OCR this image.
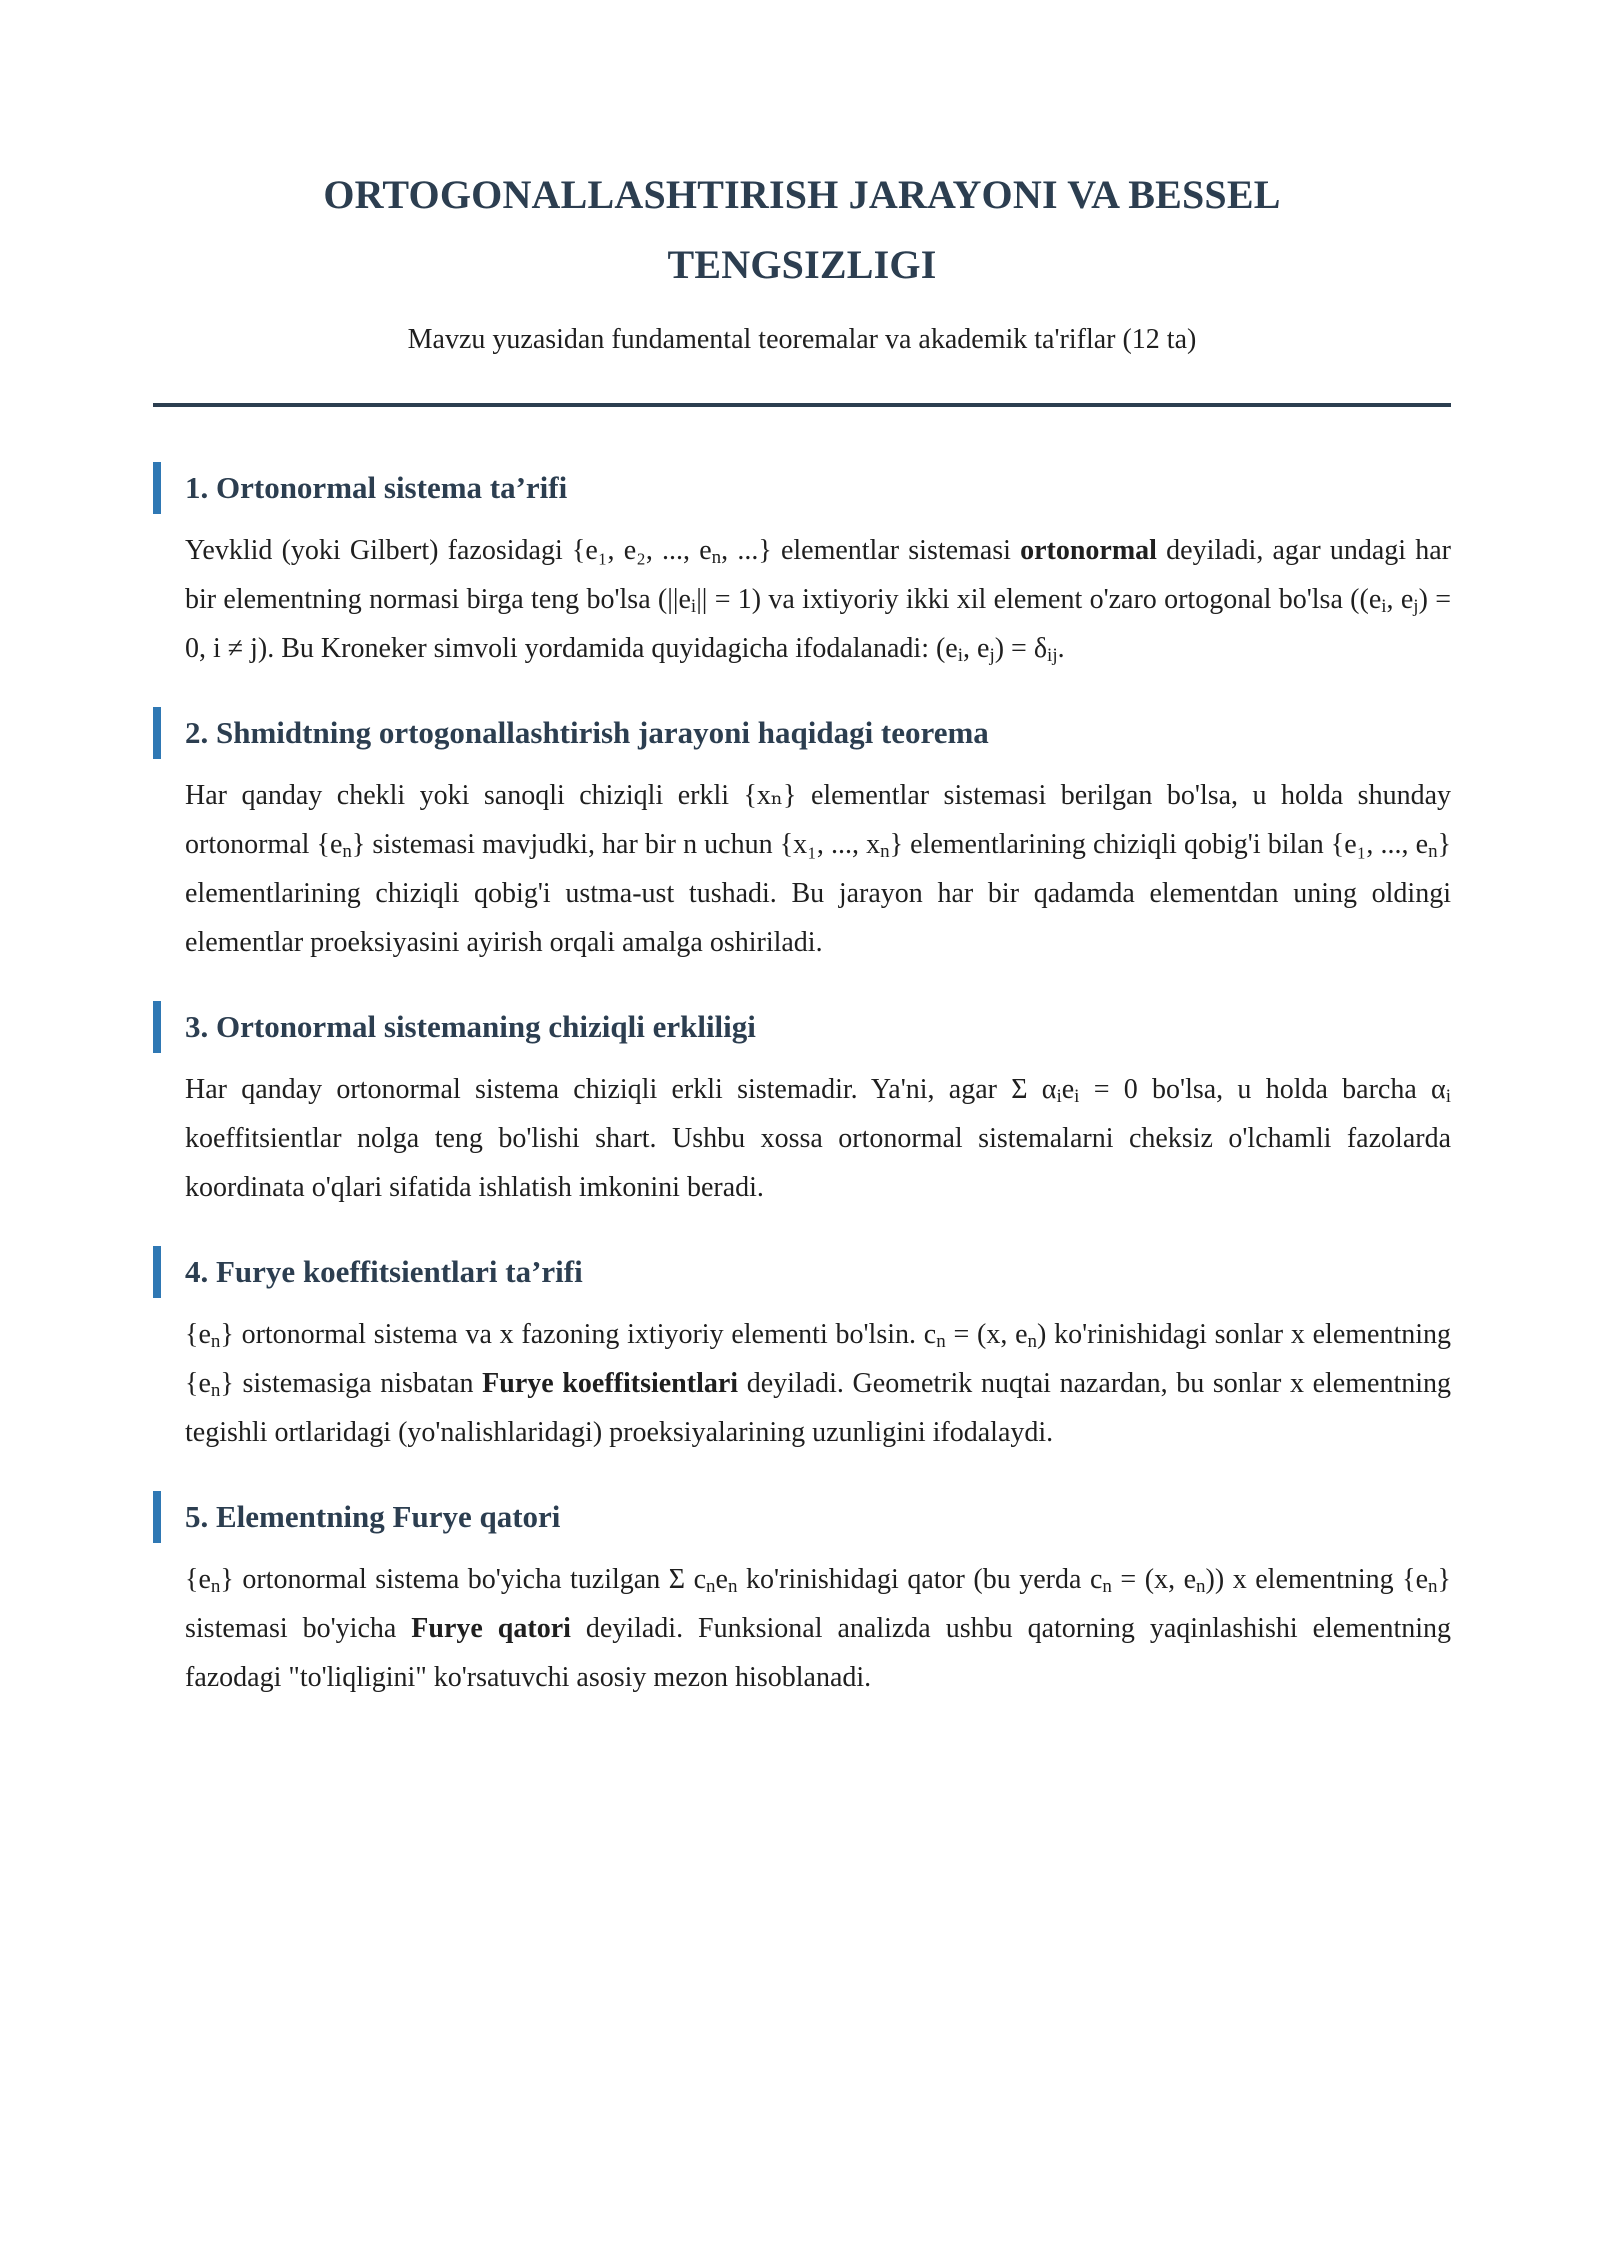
ORTOGONALLASHTIRISH JARAYONI VA BESSEL
TENGSIZLIGI
Mavzu yuzasidan fundamental teoremalar va akademik ta'riflar (12 ta)
1. Ortonormal sistema ta’rifi
Yevklid (yoki Gilbert) fazosidagi {e₁, e₂, ..., $e_n$, ...} elementlar sistemasi ortonormal deyiladi, agar undagi har bir elementning normasi birga teng bo'lsa $(||e_i|| = 1)$ va ixtiyoriy ikki xil element o'zaro ortogonal bo'lsa (($e_i$, $e_j) = 0$, i ≠ j). Bu Kroneker simvoli yordamida quyidagicha ifodalanadi: ($e_i$, $e_j) = \delta_{ij}$.
2. Shmidtning ortogonallashtirish jarayoni haqidagi teorema
Har qanday chekli yoki sanoqli chiziqli erkli {xₙ} elementlar sistemasi berilgan bo'lsa, u holda shunday ortonormal $\{e_n\}$ sistemasi mavjudki, har bir n uchun {x₁, ..., $x_n$} elementlarining chiziqli qobig'i bilan {e₁, ..., $e_n$} elementlarining chiziqli qobig'i ustma-ust tushadi. Bu jarayon har bir qadamda elementdan uning oldingi elementlar proeksiyasini ayirish orqali amalga oshiriladi.
3. Ortonormal sistemaning chiziqli erkliligi
Har qanday ortonormal sistema chiziqli erkli sistemadir. Ya'ni, agar Σ $\alpha_ie_i = 0$ bo'lsa, u holda barcha $\alpha_i$ koeffitsientlar nolga teng bo'lishi shart. Ushbu xossa ortonormal sistemalarni cheksiz o'lchamli fazolarda koordinata o'qlari sifatida ishlatish imkonini beradi.
4. Furye koeffitsientlari ta’rifi
$\{e_n\}$ ortonormal sistema va x fazoning ixtiyoriy elementi bo'lsin. $c_n = (x$, $e_n$) ko'rinishidagi sonlar x elementning $\{e_n\}$ sistemasiga nisbatan Furye koeffitsientlari deyiladi. Geometrik nuqtai nazardan, bu sonlar x elementning tegishli ortlaridagi (yo'nalishlaridagi) proeksiyalarining uzunligini ifodalaydi.
5. Elementning Furye qatori
$\{e_n\}$ ortonormal sistema bo'yicha tuzilgan Σ $c_ne_n$ ko'rinishidagi qator (bu yerda $c_n = (x$, $e_n$)) x elementning $\{e_n\}$ sistemasi bo'yicha Furye qatori deyiladi. Funksional analizda ushbu qatorning yaqinlashishi elementning fazodagi "to'liqligini" ko'rsatuvchi asosiy mezon hisoblanadi.
